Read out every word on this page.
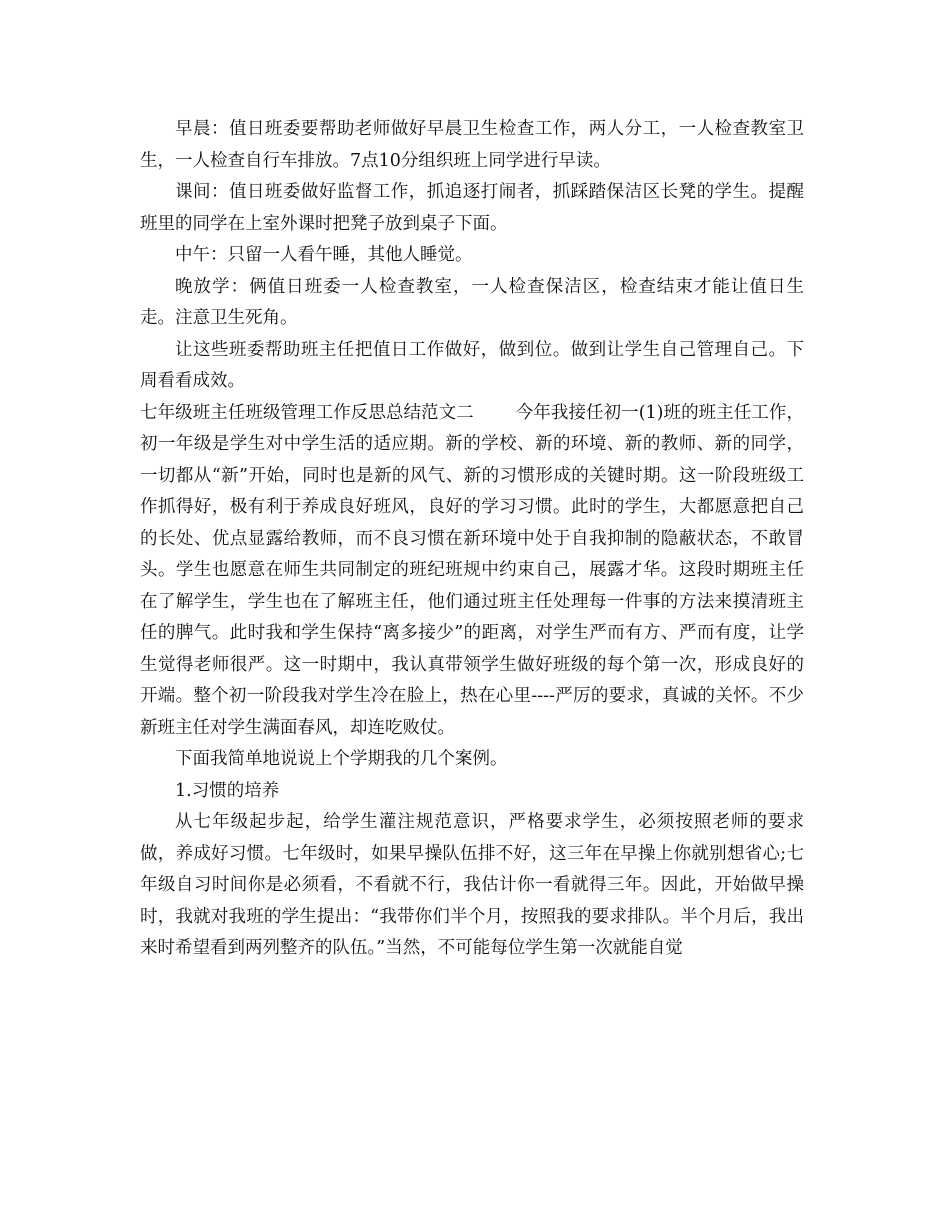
早晨：值日班委要帮助老师做好早晨卫生检查工作，两人分工，一人检查教室卫生，一人检查自行车排放。7点10分组织班上同学进行早读。

课间：值日班委做好监督工作，抓追逐打闹者，抓踩踏保洁区长凳的学生。提醒班里的同学在上室外课时把凳子放到桌子下面。

中午：只留一人看午睡，其他人睡觉。

晚放学：俩值日班委一人检查教室，一人检查保洁区，检查结束才能让值日生走。注意卫生死角。

让这些班委帮助班主任把值日工作做好，做到位。做到让学生自己管理自己。下周看看成效。

七年级班主任班级管理工作反思总结范文二 今年我接任初一(1)班的班主任工作，初一年级是学生对中学生活的适应期。新的学校、新的环境、新的教师、新的同学，一切都从“新”开始，同时也是新的风气、新的习惯形成的关键时期。这一阶段班级工作抓得好，极有利于养成良好班风，良好的学习习惯。此时的学生，大都愿意把自己的长处、优点显露给教师，而不良习惯在新环境中处于自我抑制的隐蔽状态，不敢冒头。学生也愿意在师生共同制定的班纪班规中约束自己，展露才华。这段时期班主任在了解学生，学生也在了解班主任，他们通过班主任处理每一件事的方法来摸清班主任的脾气。此时我和学生保持“离多接少”的距离，对学生严而有方、严而有度，让学生觉得老师很严。这一时期中，我认真带领学生做好班级的每个第一次，形成良好的开端。整个初一阶段我对学生冷在脸上，热在心里----严厉的要求，真诚的关怀。不少新班主任对学生满面春风，却连吃败仗。

下面我简单地说说上个学期我的几个案例。

1.习惯的培养

从七年级起步起，给学生灌注规范意识，严格要求学生，必须按照老师的要求做，养成好习惯。七年级时，如果早操队伍排不好，这三年在早操上你就别想省心;七年级自习时间你是必须看，不看就不行，我估计你一看就得三年。因此，开始做早操时，我就对我班的学生提出：“我带你们半个月，按照我的要求排队。半个月后，我出来时希望看到两列整齐的队伍。”当然，不可能每位学生第一次就能自觉
